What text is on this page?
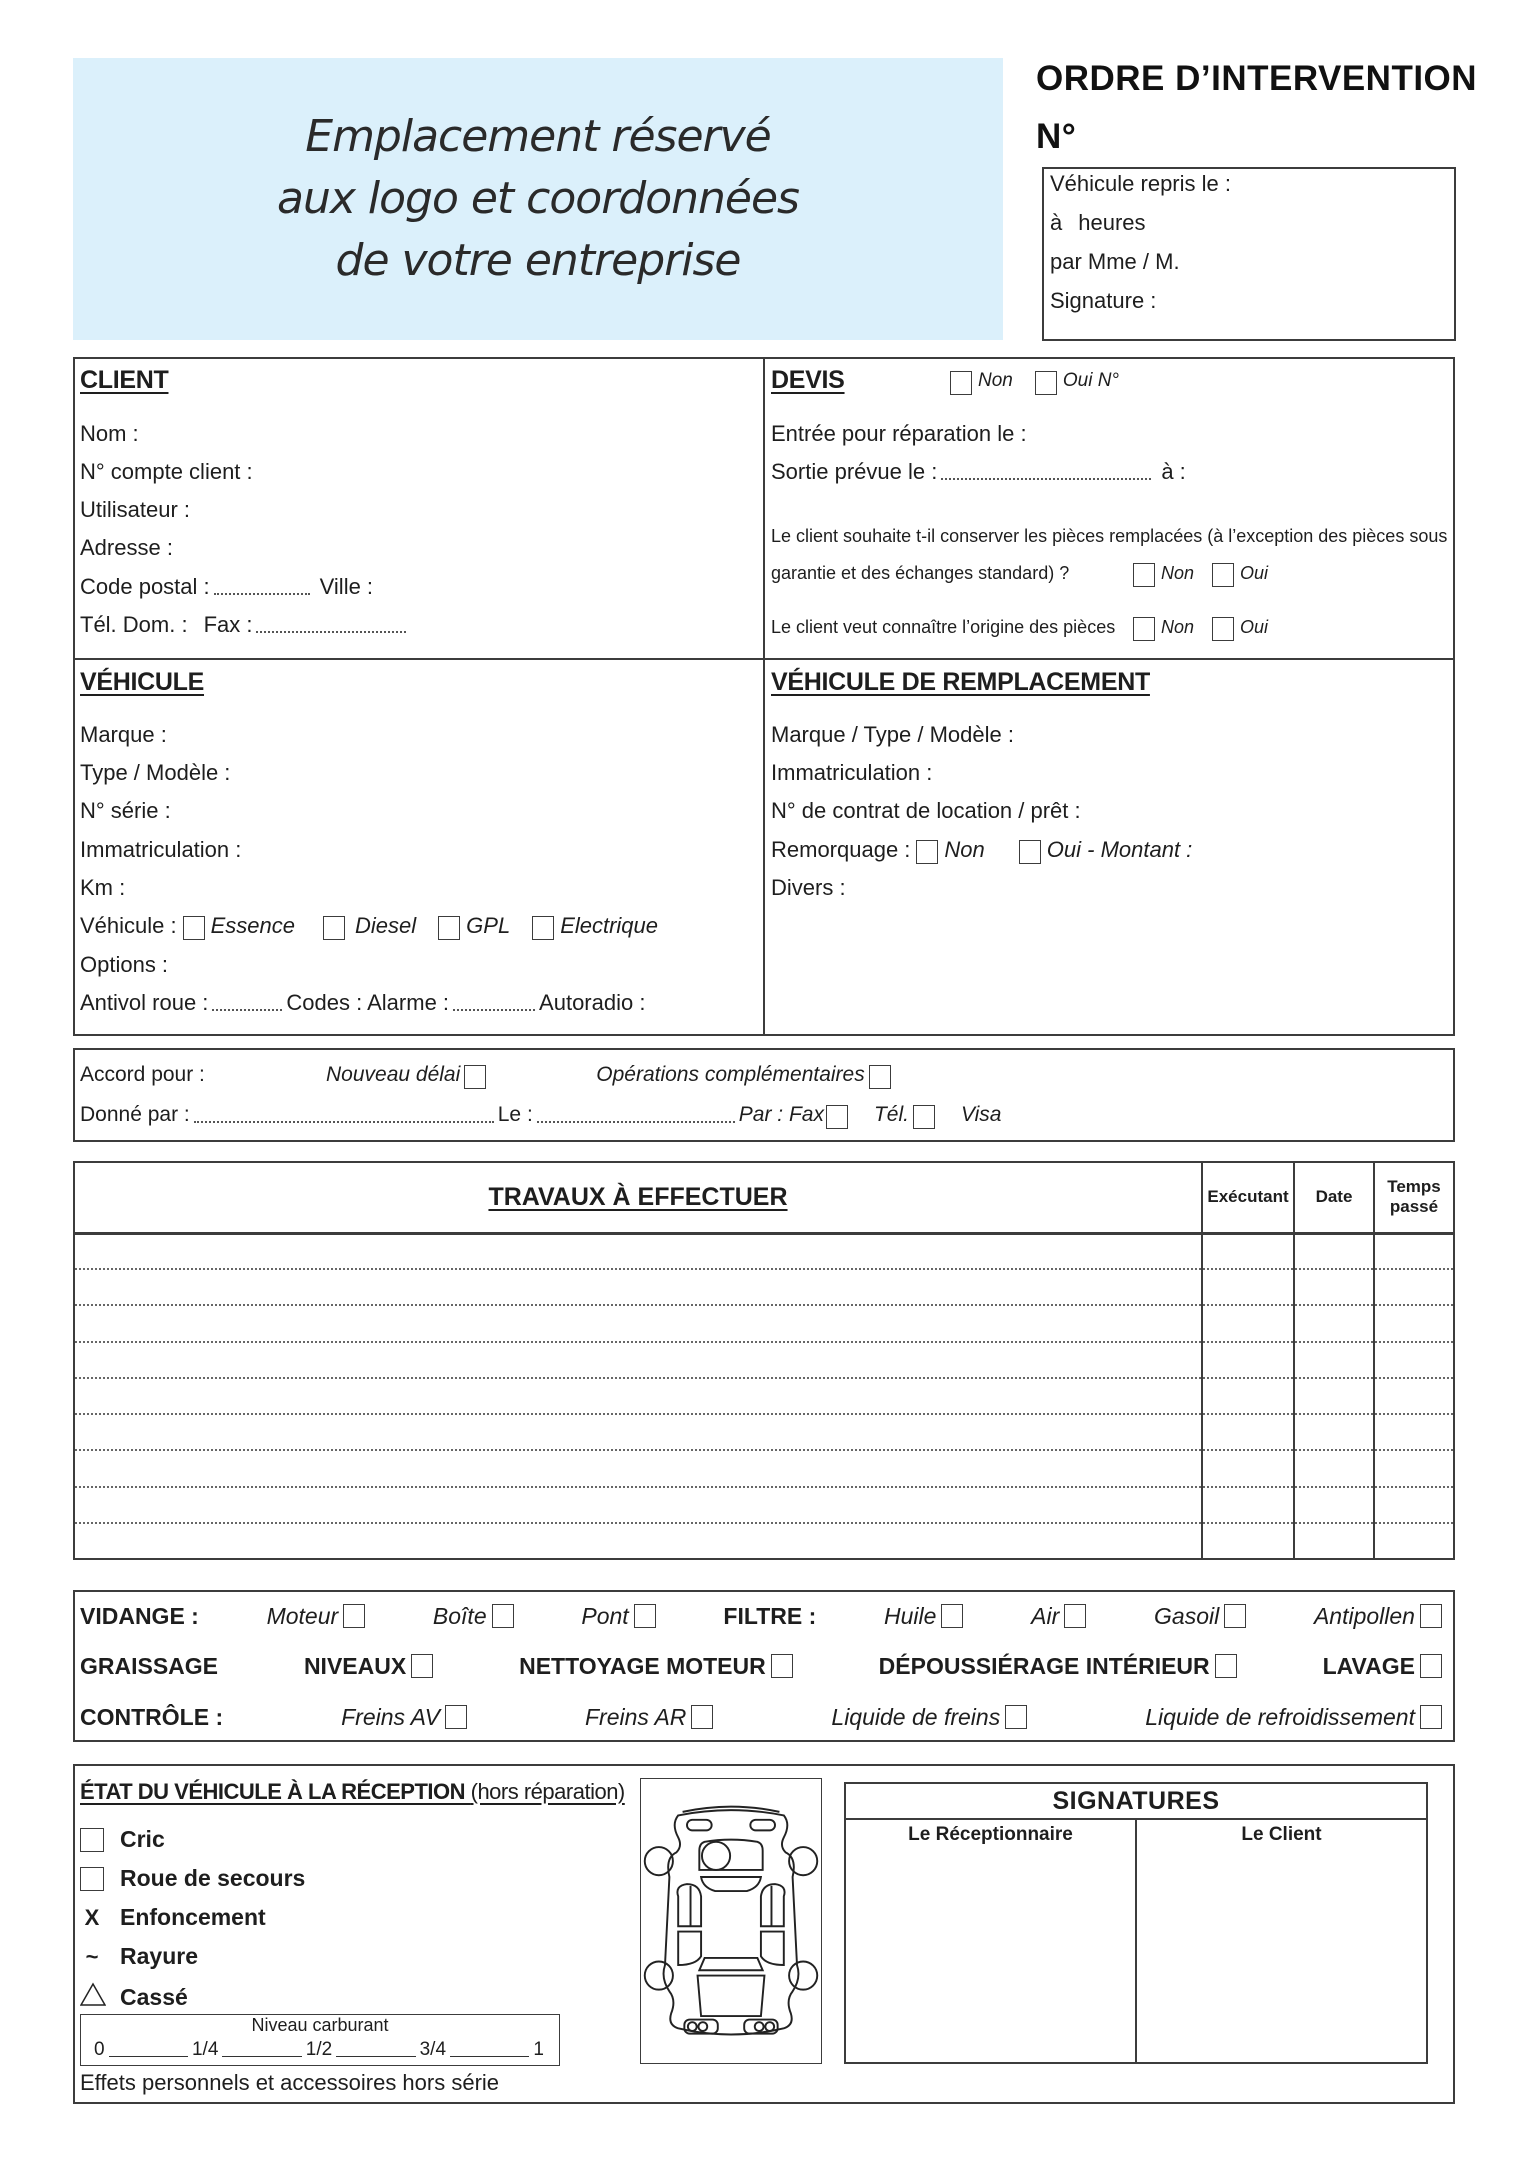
Emplacement réservé
aux logo et coordonnées
de votre entreprise
ORDRE D’INTERVENTION
N°
Véhicule repris le :
à heures
par Mme / M.
Signature :
CLIENT
Nom :
N° compte client :
Utilisateur :
Adresse :
Code postal :	Ville :
Tél. Dom. : Fax :
DEVIS	Non	Oui N°
Entrée pour réparation le :
Sortie prévue le :	à :
Le client souhaite t-il conserver les pièces remplacées (à l’exception des pièces sous
garantie et des échanges standard) ?	Non	Oui
Le client veut connaître l’origine des pièces	Non	Oui
VÉHICULE
Marque :
Type / Modèle :
N° série :
Immatriculation :
Km :
Véhicule : Essence	Diesel GPL Electrique
Options :
Antivol roue :	Codes : Alarme :	Autoradio :
VÉHICULE DE REMPLACEMENT
Marque / Type / Modèle :
Immatriculation :
N° de contrat de location / prêt :
Remorquage : Non	Oui - Montant :
Divers :
Accord pour :	Nouveau délai	Opérations complémentaires
Donné par :	Le :	Par : Fax Tél. Visa
TRAVAUX À EFFECTUER	Exécutant	Date	Temps passé

VIDANGE :	Moteur	Boîte	Pont	FILTRE :	Huile	Air	Gasoil	Antipollen
GRAISSAGE	NIVEAUX	NETTOYAGE MOTEUR	DÉPOUSSIÉRAGE INTÉRIEUR	LAVAGE
CONTRÔLE :	Freins AV	Freins AR	Liquide de freins	Liquide de refroidissement
ÉTAT DU VÉHICULE À LA RÉCEPTION (hors réparation)
Cric
Roue de secours
X Enfoncement
~ Rayure
Cassé
Niveau carburant
0	1/4	1/2	3/4	1
Effets personnels et accessoires hors série
SIGNATURES
Le Réceptionnaire	Le Client
